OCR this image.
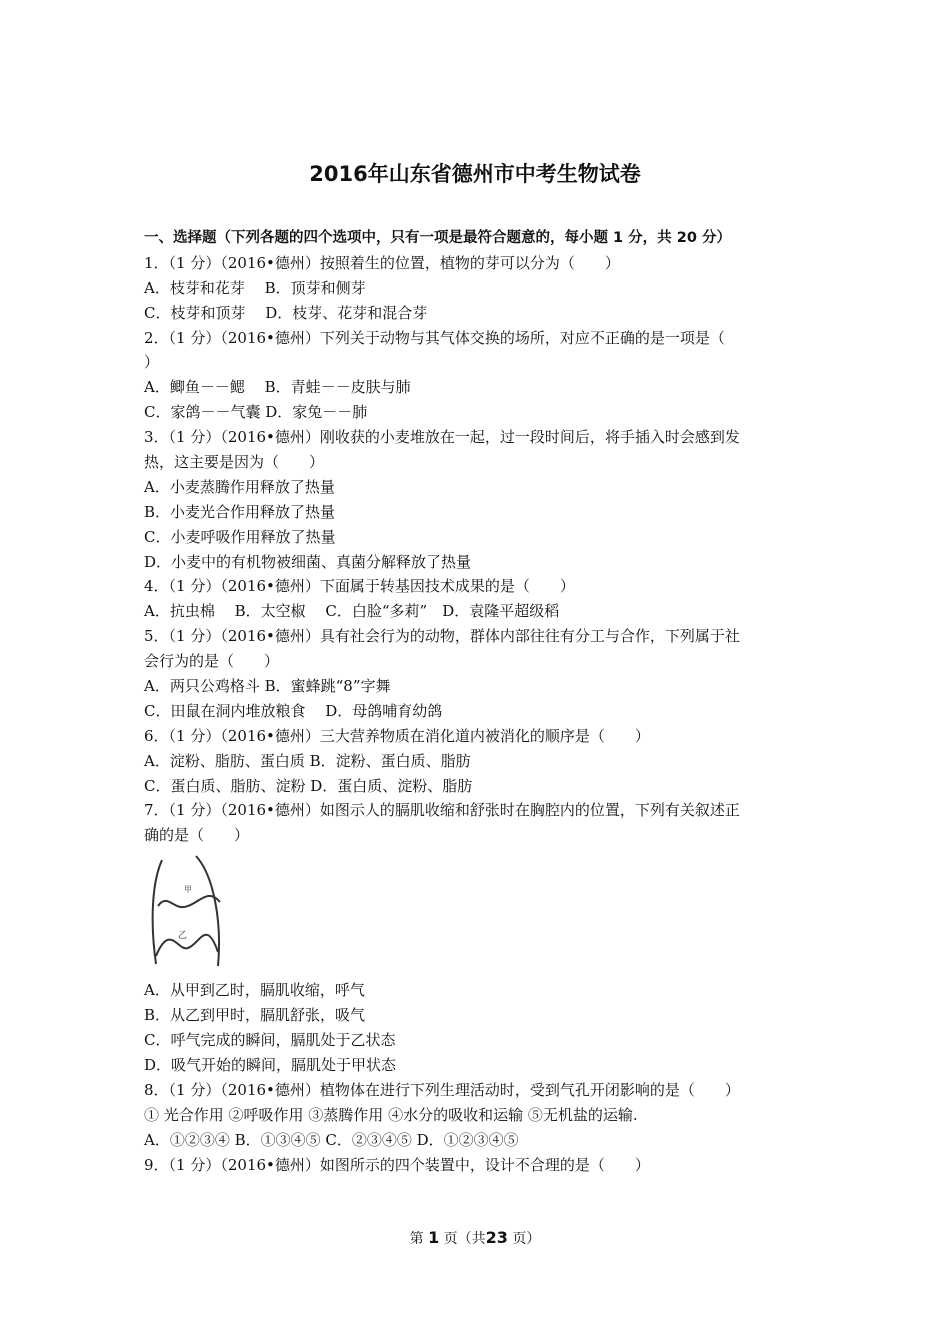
2016年山东省德州市中考生物试卷
一、选择题（下列各题的四个选项中，只有一项是最符合题意的，每小题 1 分，共 20 分）
1．（1 分）（2016•德州）按照着生的位置，植物的芽可以分为（　　）
A．枝芽和花芽　 B．顶芽和侧芽
C．枝芽和顶芽　 D．枝芽、花芽和混合芽
2．（1 分）（2016•德州）下列关于动物与其气体交换的场所，对应不正确的是一项是（
）
A．鲫鱼－－鳃　 B．青蛙－－皮肤与肺
C．家鸽－－气囊 D．家兔－－肺
3．（1 分）（2016•德州）刚收获的小麦堆放在一起，过一段时间后，将手插入时会感到发
热，这主要是因为（　　）
A．小麦蒸腾作用释放了热量
B．小麦光合作用释放了热量
C．小麦呼吸作用释放了热量
D．小麦中的有机物被细菌、真菌分解释放了热量
4．（1 分）（2016•德州）下面属于转基因技术成果的是（　　）
A．抗虫棉　 B．太空椒　 C．白脸“多莉”　D．袁隆平超级稻
5．（1 分）（2016•德州）具有社会行为的动物，群体内部往往有分工与合作，下列属于社
会行为的是（　　）
A．两只公鸡格斗 B．蜜蜂跳“8”字舞
C．田鼠在洞内堆放粮食　 D．母鸽哺育幼鸽
6．（1 分）（2016•德州）三大营养物质在消化道内被消化的顺序是（　　）
A．淀粉、脂肪、蛋白质 B．淀粉、蛋白质、脂肪
C．蛋白质、脂肪、淀粉 D．蛋白质、淀粉、脂肪
7．（1 分）（2016•德州）如图示人的膈肌收缩和舒张时在胸腔内的位置，下列有关叙述正
确的是（　　）
甲
乙
A．从甲到乙时，膈肌收缩，呼气
B．从乙到甲时，膈肌舒张，吸气
C．呼气完成的瞬间，膈肌处于乙状态
D．吸气开始的瞬间，膈肌处于甲状态
8．（1 分）（2016•德州）植物体在进行下列生理活动时，受到气孔开闭影响的是（　　）
① 光合作用 ②呼吸作用 ③蒸腾作用 ④水分的吸收和运输 ⑤无机盐的运输.
A．①②③④ B．①③④⑤ C．②③④⑤ D．①②③④⑤
9．（1 分）（2016•德州）如图所示的四个装置中，设计不合理的是（　　）
第 1 页（共23 页）
